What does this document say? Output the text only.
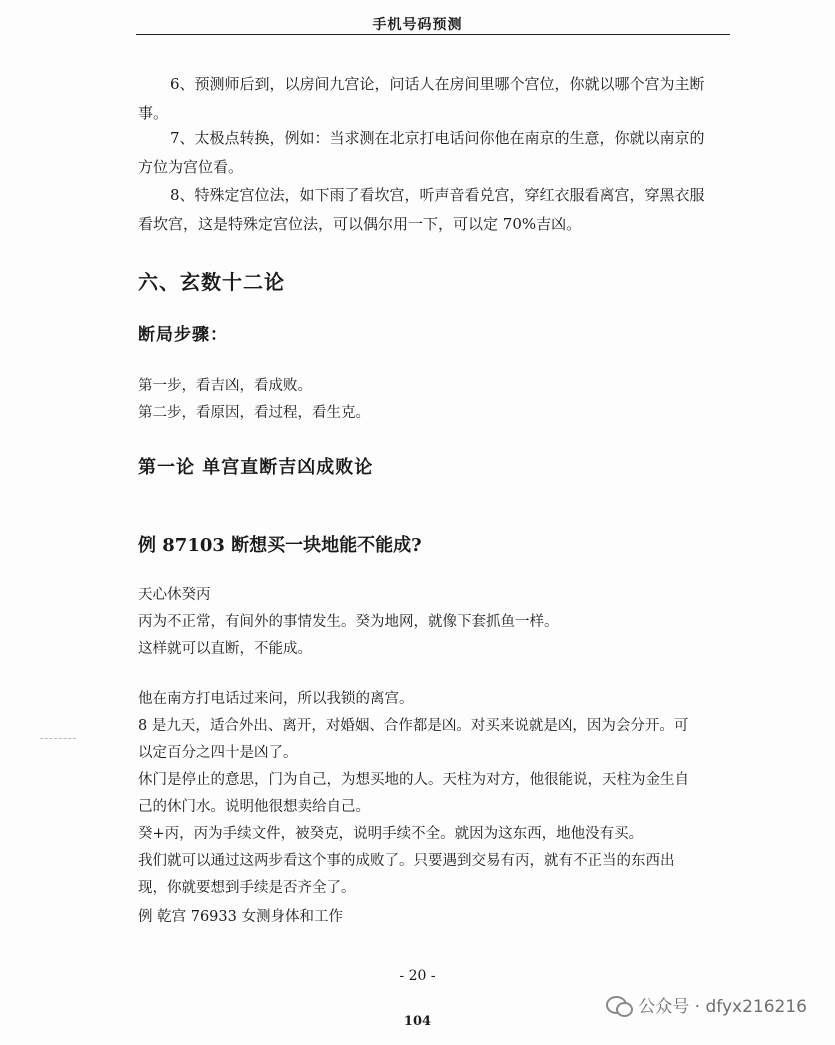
手机号码预测
6、预测师后到，以房间九宫论，问话人在房间里哪个宫位，你就以哪个宫为主断
事。
7、太极点转换，例如：当求测在北京打电话问你他在南京的生意，你就以南京的
方位为宫位看。
8、特殊定宫位法，如下雨了看坎宫，听声音看兑宫，穿红衣服看离宫，穿黑衣服
看坎宫，这是特殊定宫位法，可以偶尔用一下，可以定 70%吉凶。
六、玄数十二论
断局步骤：
第一步，看吉凶，看成败。
第二步，看原因，看过程，看生克。
第一论 单宫直断吉凶成败论
例 87103 断想买一块地能不能成?
天心休癸丙
丙为不正常，有间外的事情发生。癸为地网，就像下套抓鱼一样。
这样就可以直断，不能成。
他在南方打电话过来问，所以我锁的离宫。
8 是九天，适合外出、离开，对婚姻、合作都是凶。对买来说就是凶，因为会分开。可
以定百分之四十是凶了。
休门是停止的意思，门为自己，为想买地的人。天柱为对方，他很能说，天柱为金生自
己的休门水。说明他很想卖给自己。
癸+丙，丙为手续文件，被癸克，说明手续不全。就因为这东西，地他没有买。
我们就可以通过这两步看这个事的成败了。只要遇到交易有丙，就有不正当的东西出
现，你就要想到手续是否齐全了。
例 乾宫 76933 女测身体和工作
- 20 -
公众号 · dfyx216216
104
